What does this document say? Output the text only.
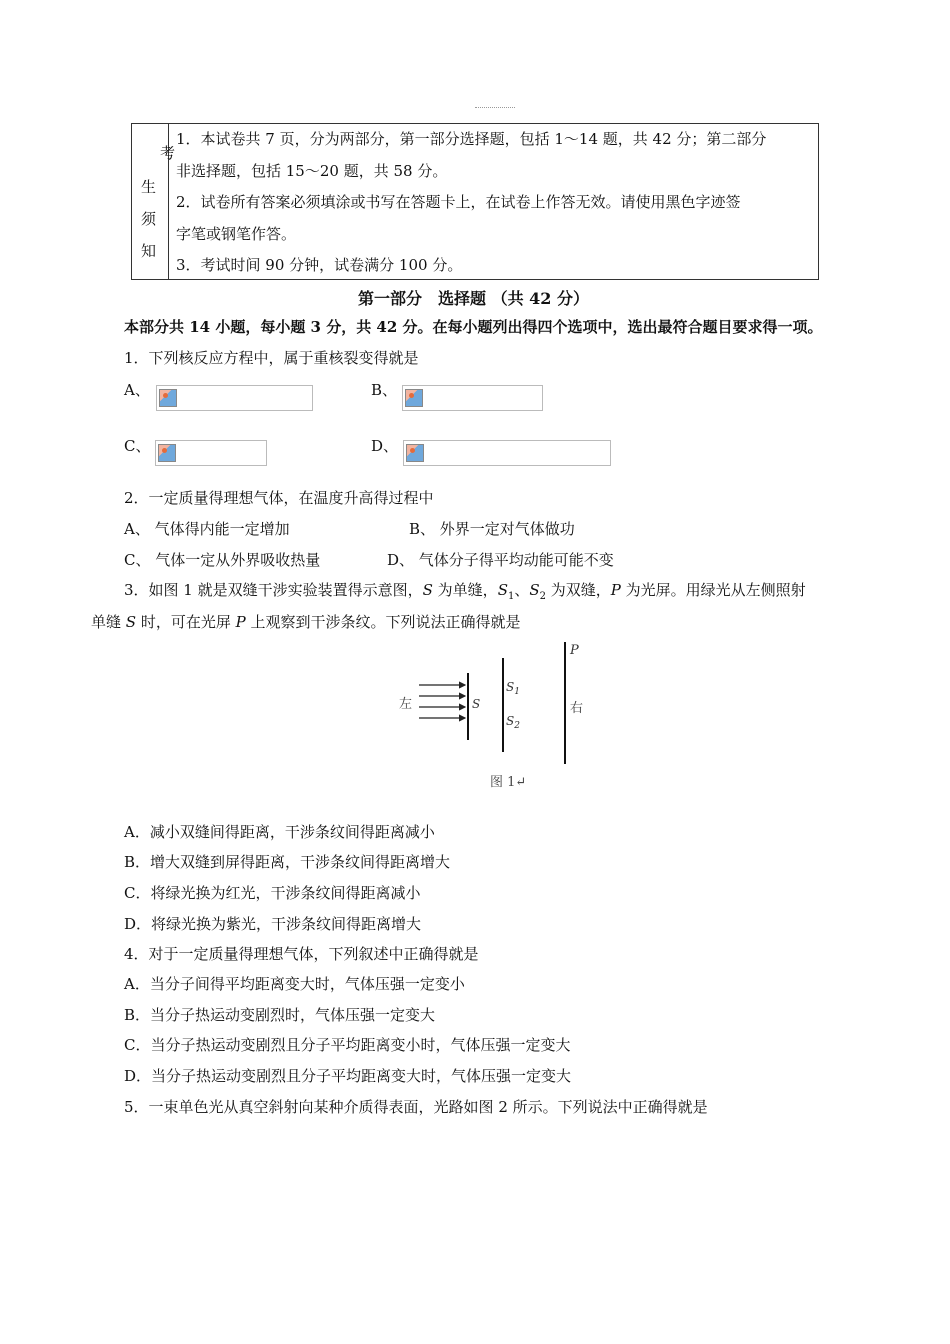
考
生
须
知
1．本试卷共 7 页，分为两部分，第一部分选择题，包括 1～14 题，共 42 分；第二部分
非选择题，包括 15～20 题，共 58 分。
2．试卷所有答案必须填涂或书写在答题卡上，在试卷上作答无效。请使用黑色字迹签
字笔或钢笔作答。
3．考试时间 90 分钟，试卷满分 100 分。
第一部分　选择题 （共 42 分）
本部分共 14 小题，每小题 3 分，共 42 分。在每小题列出得四个选项中，选出最符合题目要求得一项。
1．下列核反应方程中，属于重核裂变得就是
A、	B、
C、	D、
2．一定质量得理想气体，在温度升高得过程中
A、 气体得内能一定增加	B、 外界一定对气体做功
C、 气体一定从外界吸收热量	D、 气体分子得平均动能可能不变
3．如图 1 就是双缝干涉实验装置得示意图，S 为单缝，$S_1$、$S_2$ 为双缝，P 为光屏。用绿光从左侧照射
单缝 S 时，可在光屏 P 上观察到干涉条纹。下列说法正确得就是
左	S
$S_1$
$S_2$
P
右
图 1↵
A．减小双缝间得距离，干涉条纹间得距离减小
B．增大双缝到屏得距离，干涉条纹间得距离增大
C．将绿光换为红光，干涉条纹间得距离减小
D．将绿光换为紫光，干涉条纹间得距离增大
4．对于一定质量得理想气体，下列叙述中正确得就是
A．当分子间得平均距离变大时，气体压强一定变小
B．当分子热运动变剧烈时，气体压强一定变大
C．当分子热运动变剧烈且分子平均距离变小时，气体压强一定变大
D．当分子热运动变剧烈且分子平均距离变大时，气体压强一定变大
5．一束单色光从真空斜射向某种介质得表面，光路如图 2 所示。下列说法中正确得就是
